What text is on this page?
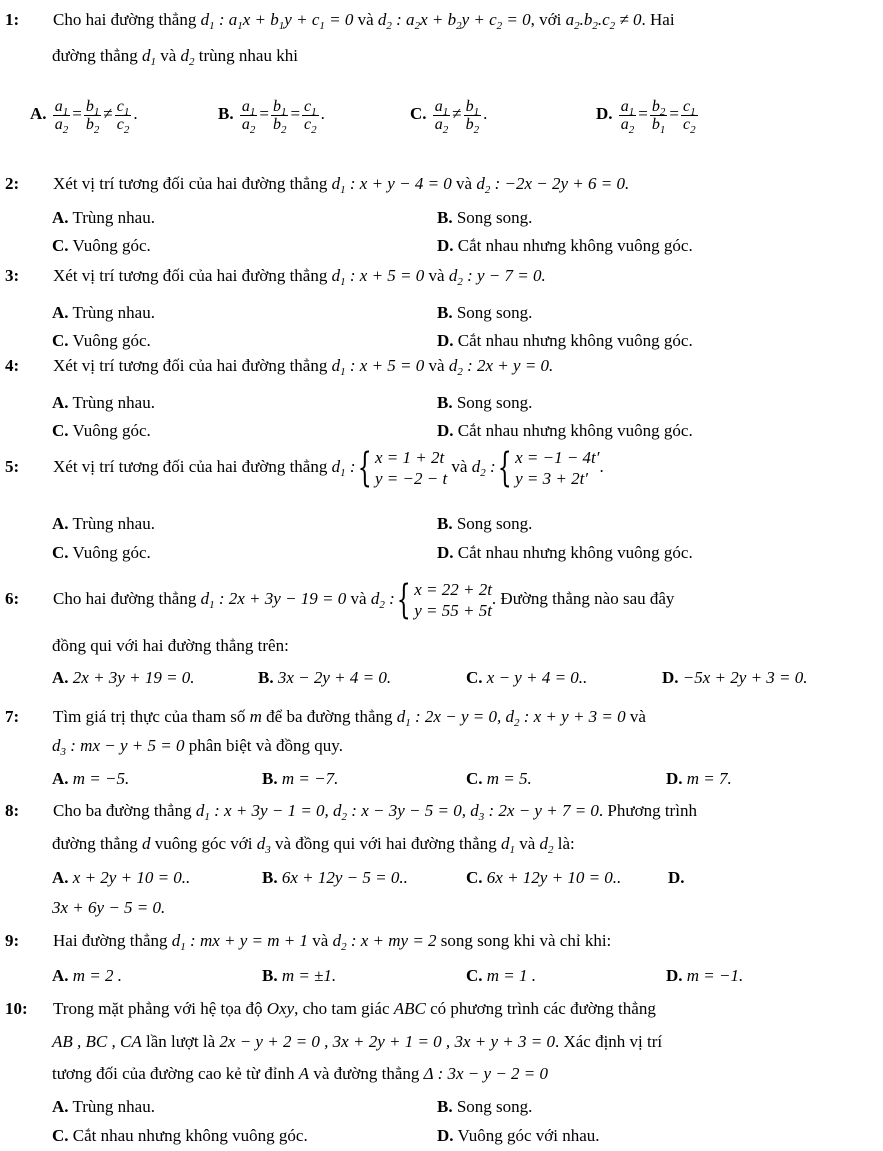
1: Cho hai đường thẳng $d_1$ : $a_1x + b_1y + c_1 = 0$ và $d_2$ : $a_2x + b_2y + c_2 = 0$, với $a_2.b_2.c_2 \ne 0$. Hai
đường thẳng $d_1$ và $d_2$ trùng nhau khi
A. $\frac{a_1}{a_2} = \frac{b_1}{b_2} \ne \frac{c_1}{c_2}$ .	B. $\frac{a_1}{a_2} = \frac{b_1}{b_2} = \frac{c_1}{c_2}$ .	C. $\frac{a_1}{a_2} \ne \frac{b_1}{b_2}$ .	D. $\frac{a_1}{a_2} = \frac{b_2}{b_1} = \frac{c_1}{c_2}$
2: Xét vị trí tương đối của hai đường thẳng $d_1$ : x + y − 4 = 0 và $d_2$ : −2x − 2y + 6 = 0.
A. Trùng nhau.	B. Song song.
C. Vuông góc.	D. Cắt nhau nhưng không vuông góc.
3: Xét vị trí tương đối của hai đường thẳng $d_1$ : x + 5 = 0 và $d_2$ : y − 7 = 0.
A. Trùng nhau.	B. Song song.
C. Vuông góc.	D. Cắt nhau nhưng không vuông góc.
4: Xét vị trí tương đối của hai đường thẳng $d_1$ : x + 5 = 0 và $d_2$ : 2x + y = 0.
A. Trùng nhau.	B. Song song.
C. Vuông góc.	D. Cắt nhau nhưng không vuông góc.
5: Xét vị trí tương đối của hai đường thẳng $d_1$ : { x = 1 + 2t
y = −2 − t
và $d_2$ : { x = −1 − 4t′
y = 3 + 2t′
.
A. Trùng nhau.	B. Song song.
C. Vuông góc.	D. Cắt nhau nhưng không vuông góc.
6: Cho hai đường thẳng $d_1$ : 2x + 3y − 19 = 0 và $d_2$ : { x = 22 + 2t
y = 55 + 5t
. Đường thẳng nào sau đây
đồng qui với hai đường thẳng trên:
A. 2x + 3y + 19 = 0.	B. 3x − 2y + 4 = 0.	C. x − y + 4 = 0..	D. −5x + 2y + 3 = 0.
7: Tìm giá trị thực của tham số m để ba đường thẳng $d_1$ : 2x − y = 0, $d_2$ : x + y + 3 = 0 và
$d_3$ : mx − y + 5 = 0 phân biệt và đồng quy.
A. m = −5.	B. m = −7.	C. m = 5.	D. m = 7.
8: Cho ba đường thẳng $d_1$ : x + 3y − 1 = 0, $d_2$ : x − 3y − 5 = 0, $d_3$ : 2x − y + 7 = 0. Phương trình
đường thẳng d vuông góc với $d_3$ và đồng qui với hai đường thẳng $d_1$ và $d_2$ là:
A. x + 2y + 10 = 0..	B. 6x + 12y − 5 = 0..	C. 6x + 12y + 10 = 0..	D.
3x + 6y − 5 = 0.
9: Hai đường thẳng $d_1$ : mx + y = m + 1 và $d_2$ : x + my = 2 song song khi và chỉ khi:
A. m = 2 .	B. m = ±1.	C. m = 1 .	D. m = −1.
10: Trong mặt phẳng với hệ tọa độ Oxy, cho tam giác ABC có phương trình các đường thẳng
AB , BC , CA lần lượt là 2x − y + 2 = 0 , 3x + 2y + 1 = 0 , 3x + y + 3 = 0. Xác định vị trí
tương đối của đường cao kẻ từ đỉnh A và đường thẳng Δ : 3x − y − 2 = 0
A. Trùng nhau.	B. Song song.
C. Cắt nhau nhưng không vuông góc.	D. Vuông góc với nhau.
